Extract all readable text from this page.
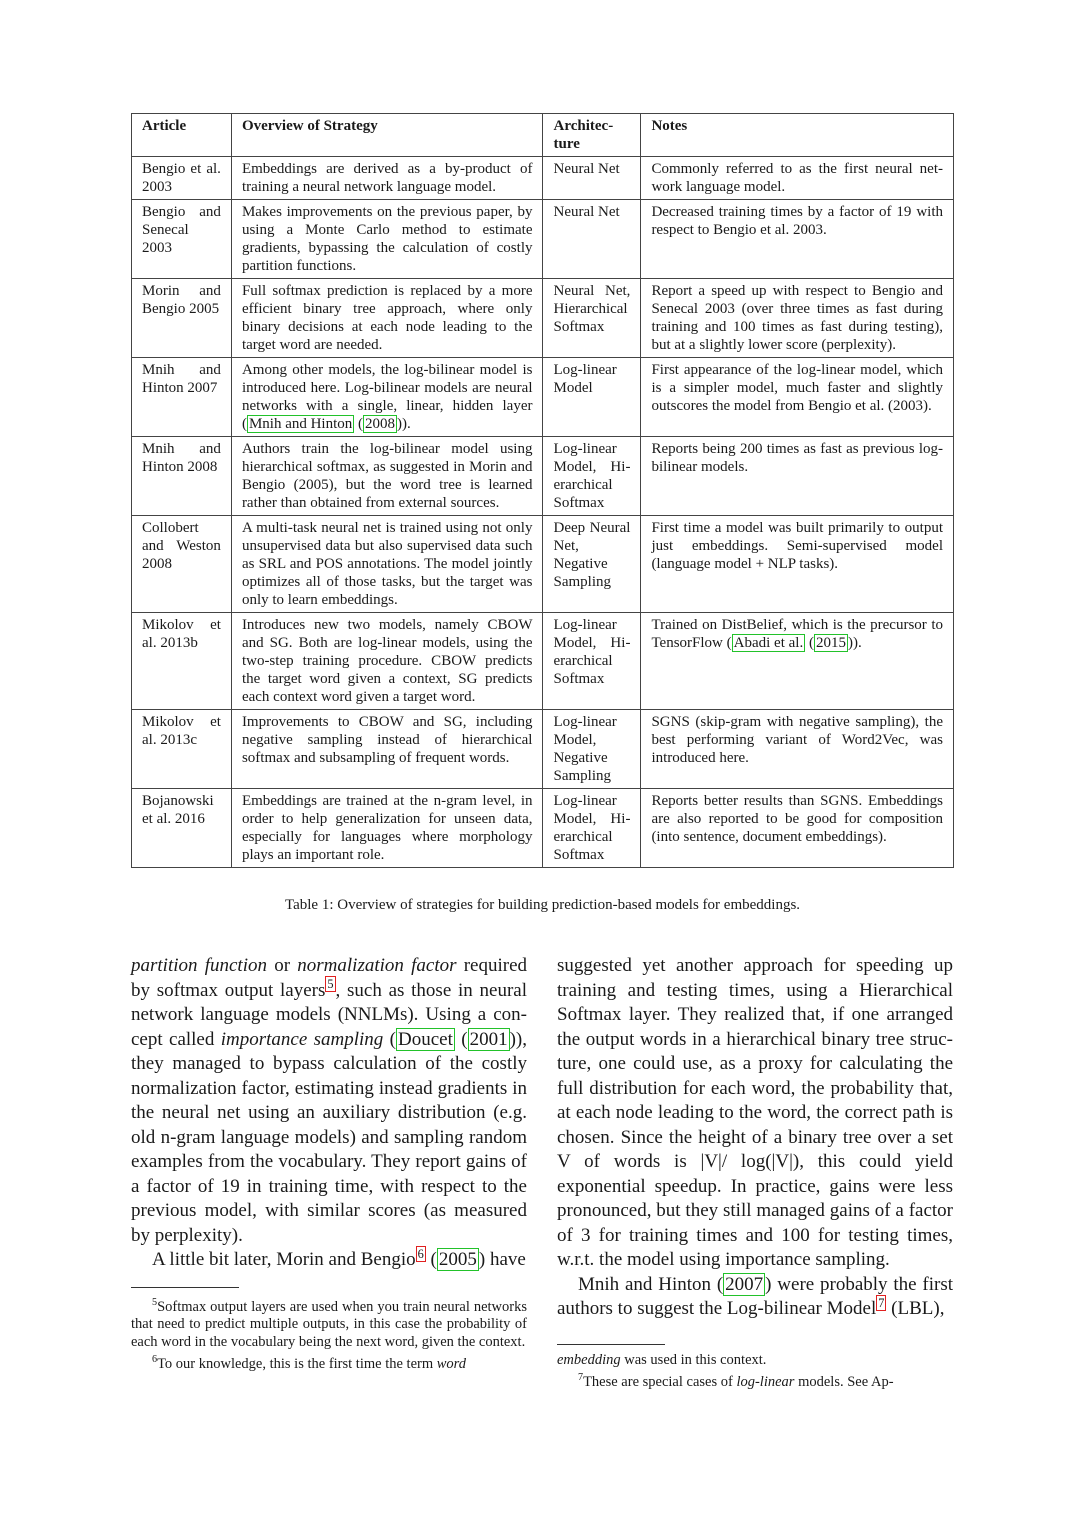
Article	Overview of Strategy	Architecture	Notes
Bengio et al. 2003	Embeddings are derived as a by-product of training a neural network language model.	Neural Net	Commonly referred to as the first neural network language model.
Bengio and Senecal 2003	Makes improvements on the previous paper, by using a Monte Carlo method to estimate gradients, bypassing the calculation of costly partition functions.	Neural Net	Decreased training times by a factor of 19 with respect to Bengio et al. 2003.
Morin and Bengio 2005	Full softmax prediction is replaced by a more efficient binary tree approach, where only binary decisions at each node leading to the target word are needed.	Neural Net, Hierarchical Softmax	Report a speed up with respect to Bengio and Senecal 2003 (over three times as fast during training and 100 times as fast during testing), but at a slightly lower score (perplexity).
Mnih and Hinton 2007	Among other models, the log-bilinear model is introduced here. Log-bilinear models are neural networks with a single, linear, hidden layer ( Mnih and Hinton ( 2008 )).	Log-linear Model	First appearance of the log-linear model, which is a simpler model, much faster and slightly outscores the model from Bengio et al. (2003).
Mnih and Hinton 2008	Authors train the log-bilinear model using hierarchical softmax, as suggested in Morin and Bengio (2005), but the word tree is learned rather than obtained from external sources.	Log-linear Model, Hierarchical Softmax	Reports being 200 times as fast as previous log-bilinear models.
Collobert and Weston 2008	A multi-task neural net is trained using not only unsupervised data but also supervised data such as SRL and POS annotations. The model jointly optimizes all of those tasks, but the target was only to learn embeddings.	Deep Neural Net, Negative Sampling	First time a model was built primarily to output just embeddings. Semi-supervised model (language model + NLP tasks).
Mikolov et al. 2013b	Introduces new two models, namely CBOW and SG. Both are log-linear models, using the two-step training procedure. CBOW predicts the target word given a context, SG predicts each context word given a target word.	Log-linear Model, Hierarchical Softmax	Trained on DistBelief, which is the precursor to TensorFlow ( Abadi et al. ( 2015 )).
Mikolov et al. 2013c	Improvements to CBOW and SG, including negative sampling instead of hierarchical softmax and subsampling of frequent words.	Log-linear Model, Negative Sampling	SGNS (skip-gram with negative sampling), the best performing variant of Word2Vec, was introduced here.
Bojanowski et al. 2016	Embeddings are trained at the n-gram level, in order to help generalization for unseen data, especially for languages where morphology plays an important role.	Log-linear Model, Hierarchical Softmax	Reports better results than SGNS. Embeddings are also reported to be good for composition (into sentence, document embeddings).
Table 1: Overview of strategies for building prediction-based models for embeddings.

partition function or normalization factor required by softmax output layers $^5$ , such as those in neural network language models (NNLMs). Using a concept called importance sampling ( Doucet ( 2001 )), they managed to bypass calculation of the costly normalization factor, estimating instead gradients in the neural net using an auxiliary distribution (e.g. old n-gram language models) and sampling random examples from the vocabulary. They report gains of a factor of 19 in training time, with respect to the previous model, with similar scores (as measured by perplexity).

A little bit later, Morin and Bengio $^6$ ( 2005 ) have

$^5$Softmax output layers are used when you train neural networks that need to predict multiple outputs, in this case the probability of each word in the vocabulary being the next word, given the context.

$^6$To our knowledge, this is the first time the term word

suggested yet another approach for speeding up training and testing times, using a Hierarchical Softmax layer. They realized that, if one arranged the output words in a hierarchical binary tree structure, one could use, as a proxy for calculating the full distribution for each word, the probability that, at each node leading to the word, the correct path is chosen. Since the height of a binary tree over a set V of words is |V|/ log(|V|), this could yield exponential speedup. In practice, gains were less pronounced, but they still managed gains of a factor of 3 for training times and 100 for testing times, w.r.t. the model using importance sampling.

Mnih and Hinton ( 2007 ) were probably the first authors to suggest the Log-bilinear Model $^7$ (LBL),

embedding was used in this context.

$^7$These are special cases of log-linear models. See Ap-
